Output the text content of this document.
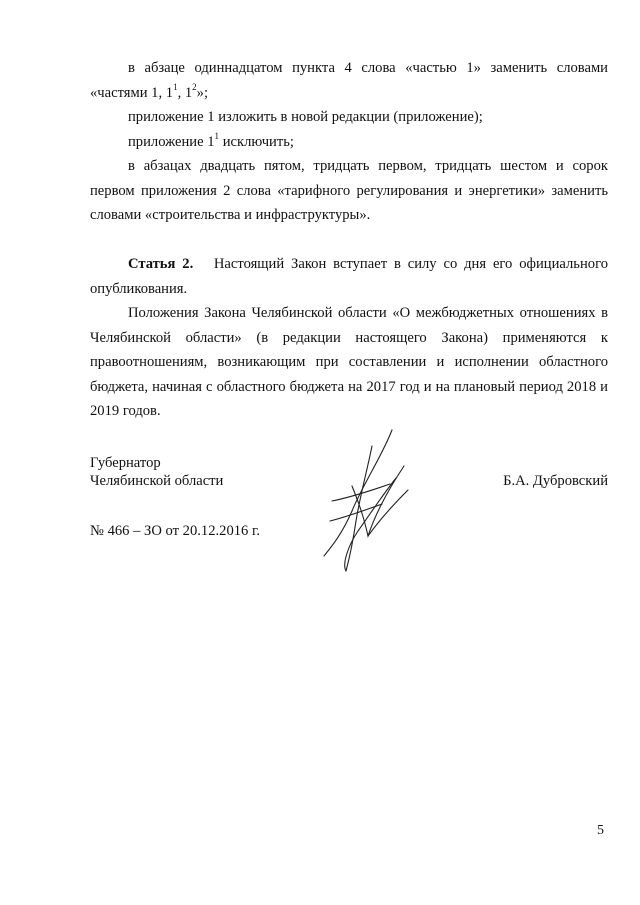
в абзаце одиннадцатом пункта 4 слова «частью 1» заменить словами «частями 1, $1^1$, $1^2$»;

приложение 1 изложить в новой редакции (приложение);

приложение $1^1$ исключить;

в абзацах двадцать пятом, тридцать первом, тридцать шестом и сорок первом приложения 2 слова «тарифного регулирования и энергетики» заменить словами «строительства и инфраструктуры».

Статья 2. Настоящий Закон вступает в силу со дня его официального опубликования.

Положения Закона Челябинской области «О межбюджетных отношениях в Челябинской области» (в редакции настоящего Закона) применяются к правоотношениям, возникающим при составлении и исполнении областного бюджета, начиная с областного бюджета на 2017 год и на плановый период 2018 и 2019 годов.

Губернатор
Челябинской области	Б.А. Дубровский
№ 466 – ЗО от 20.12.2016 г.
5
